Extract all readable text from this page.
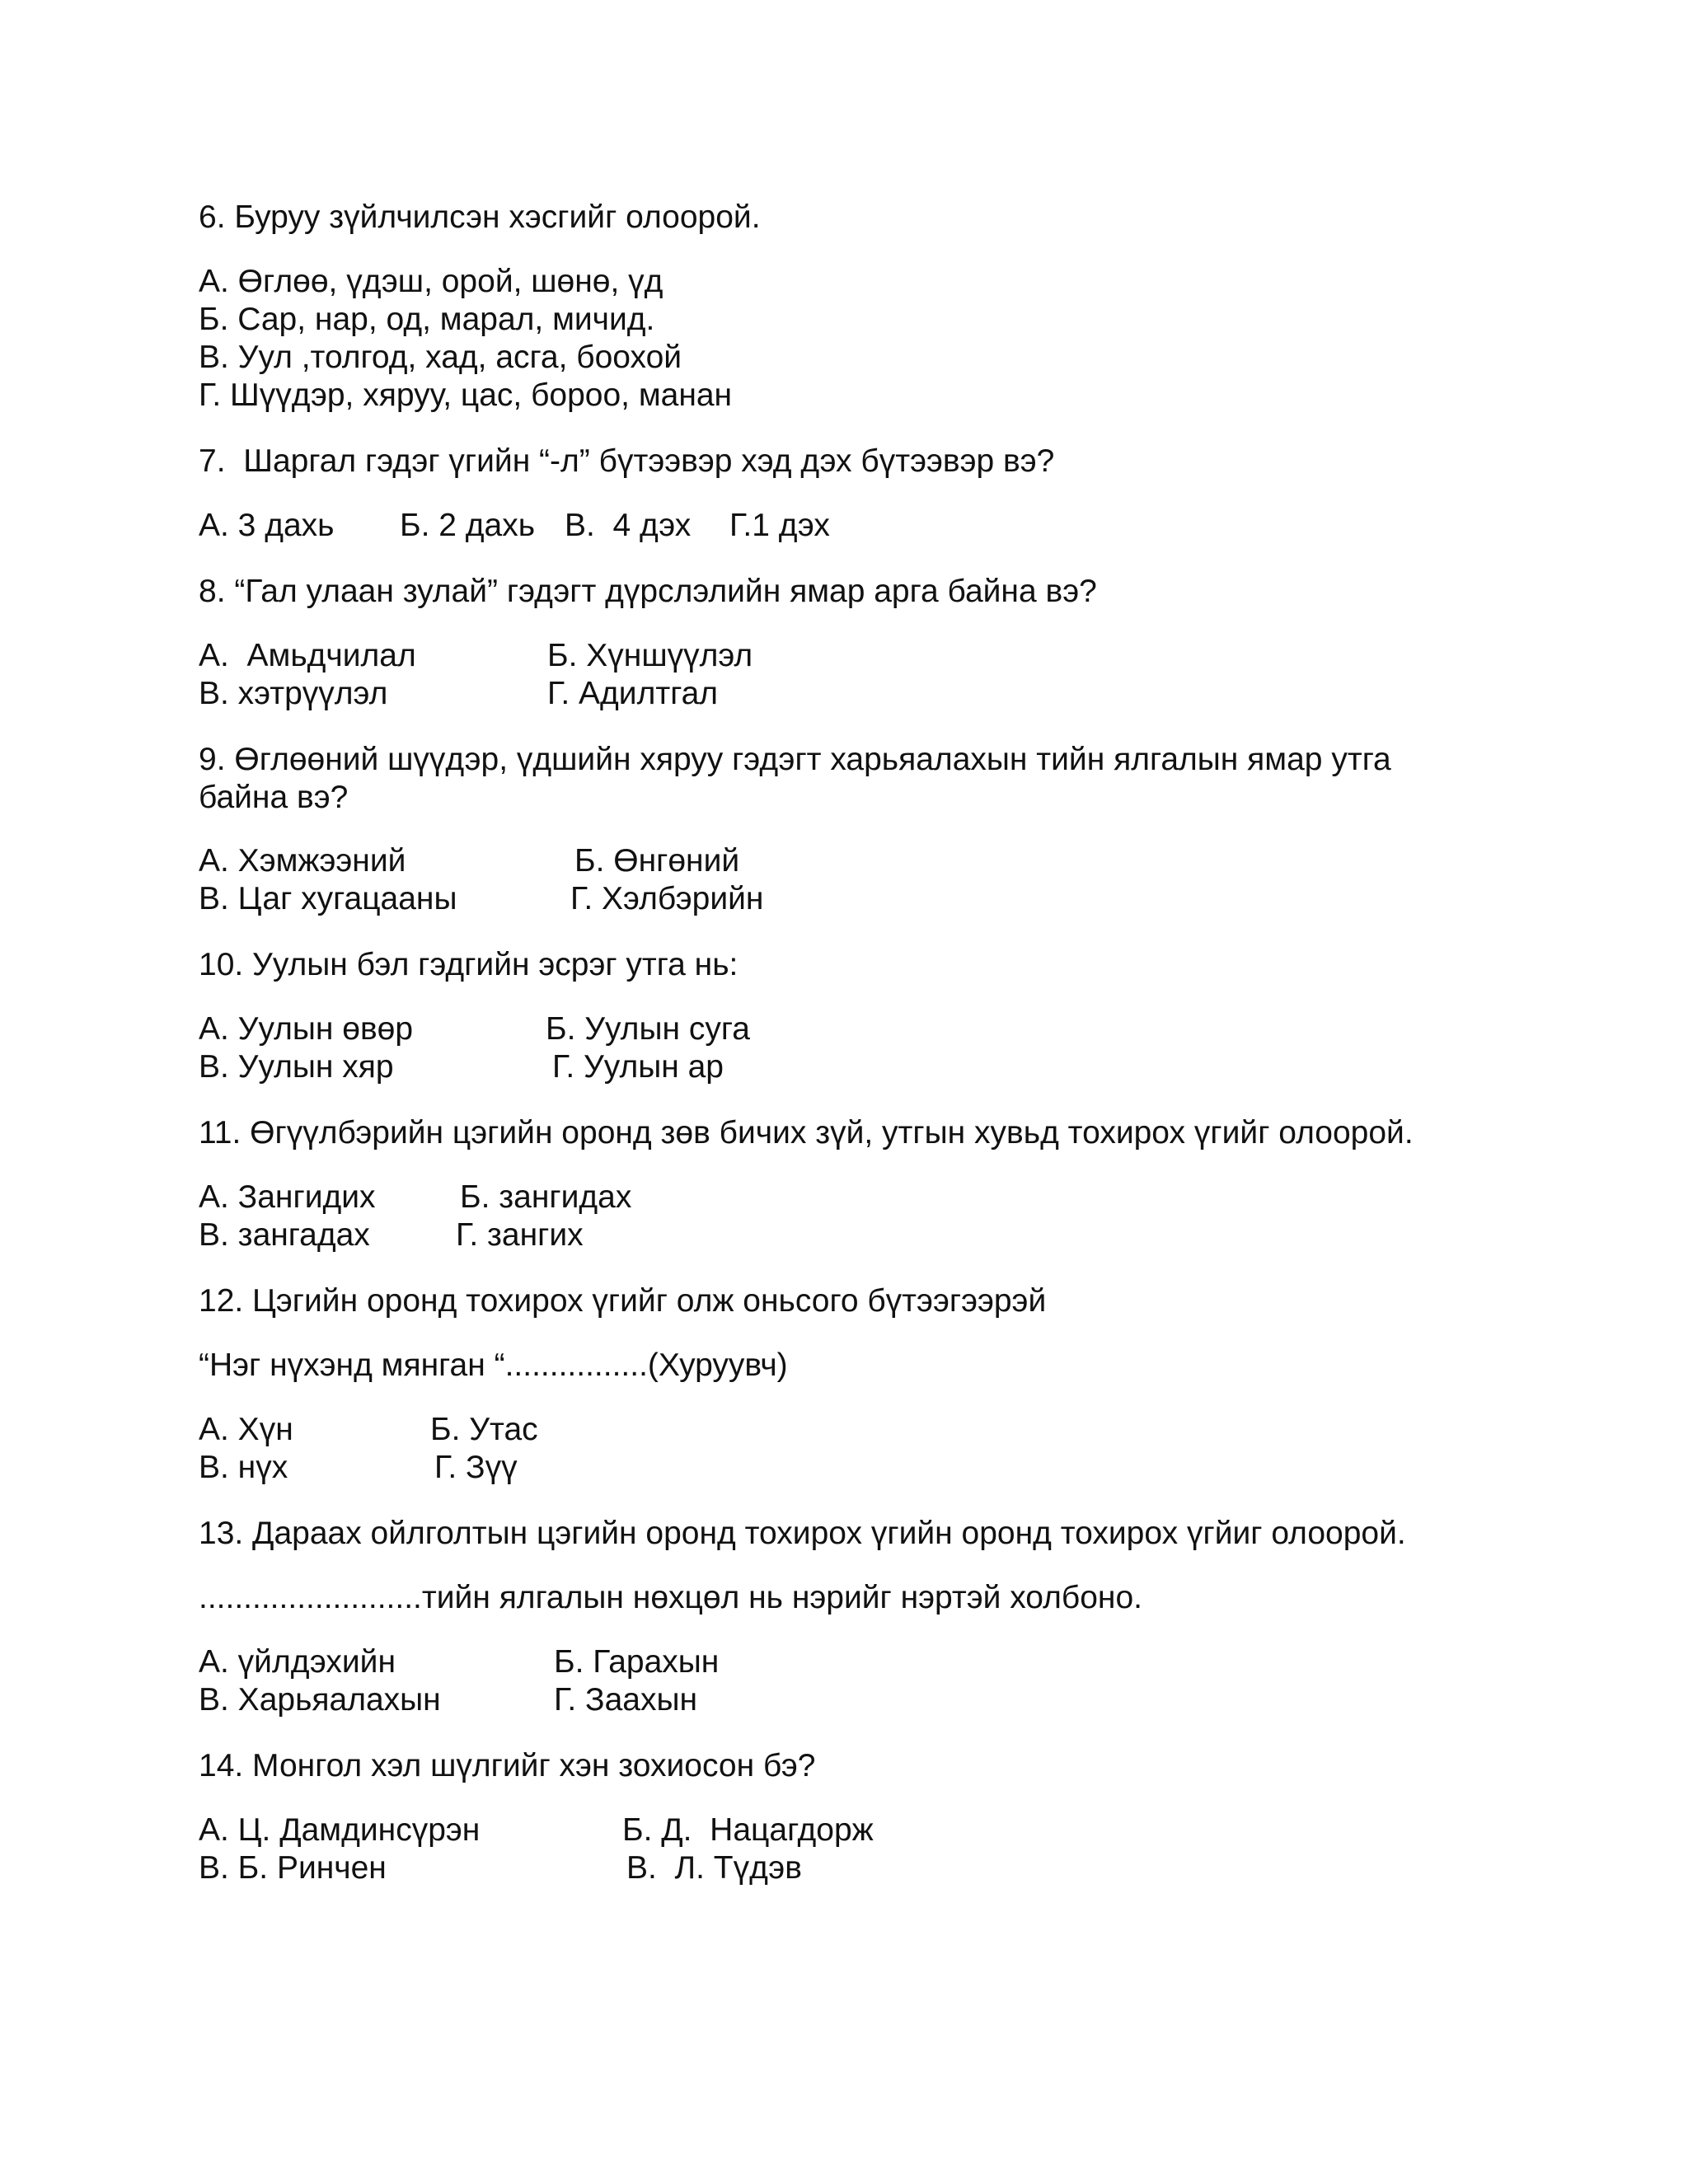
6. Буруу зүйлчилсэн хэсгийг олоорой.

А. Өглөө, үдэш, орой, шөнө, үд

Б. Сар, нар, од, марал, мичид.

В. Уул ,толгод, хад, асга, боохой

Г. Шүүдэр, хяруу, цас, бороо, манан

7.  Шаргал гэдэг үгийн “-л” бүтээвэр хэд дэх бүтээвэр вэ?

А. 3 дахь Б. 2 дахь В.  4 дэх Г.1 дэх

8. “Гал улаан зулай” гэдэгт дүрслэлийн ямар арга байна вэ?

А.  Амьдчилал	Б. Хүншүүлэл

В. хэтрүүлэл	Г. Адилтгал

9. Өглөөний шүүдэр, үдшийн хяруу гэдэгт харьяалахын тийн ялгалын ямар утга

байна вэ?

А. Хэмжээний	Б. Өнгөний

В. Цаг хугацааны	Г. Хэлбэрийн

10. Уулын бэл гэдгийн эсрэг утга нь:

А. Уулын өвөр	Б. Уулын суга

В. Уулын хяр	Г. Уулын ар

11. Өгүүлбэрийн цэгийн оронд зөв бичих зүй, утгын хувьд тохирох үгийг олоорой.

А. Зангидих	Б. зангидах

В. зангадах	Г. зангих

12. Цэгийн оронд тохирох үгийг олж оньсого бүтээгээрэй

“Нэг нүхэнд мянган “................(Хуруувч)

А. Хүн	Б. Утас

В. нүх	Г. Зүү

13. Дараах ойлголтын цэгийн оронд тохирох үгийн оронд тохирох үгйиг олоорой.

.........................тийн ялгалын нөхцөл нь нэрийг нэртэй холбоно.

А. үйлдэхийн	Б. Гарахын

В. Харьяалахын	Г. Заахын

14. Монгол хэл шүлгийг хэн зохиосон бэ?

А. Ц. Дамдинсүрэн	Б. Д.  Нацагдорж

В. Б. Ринчен	В.  Л. Түдэв
